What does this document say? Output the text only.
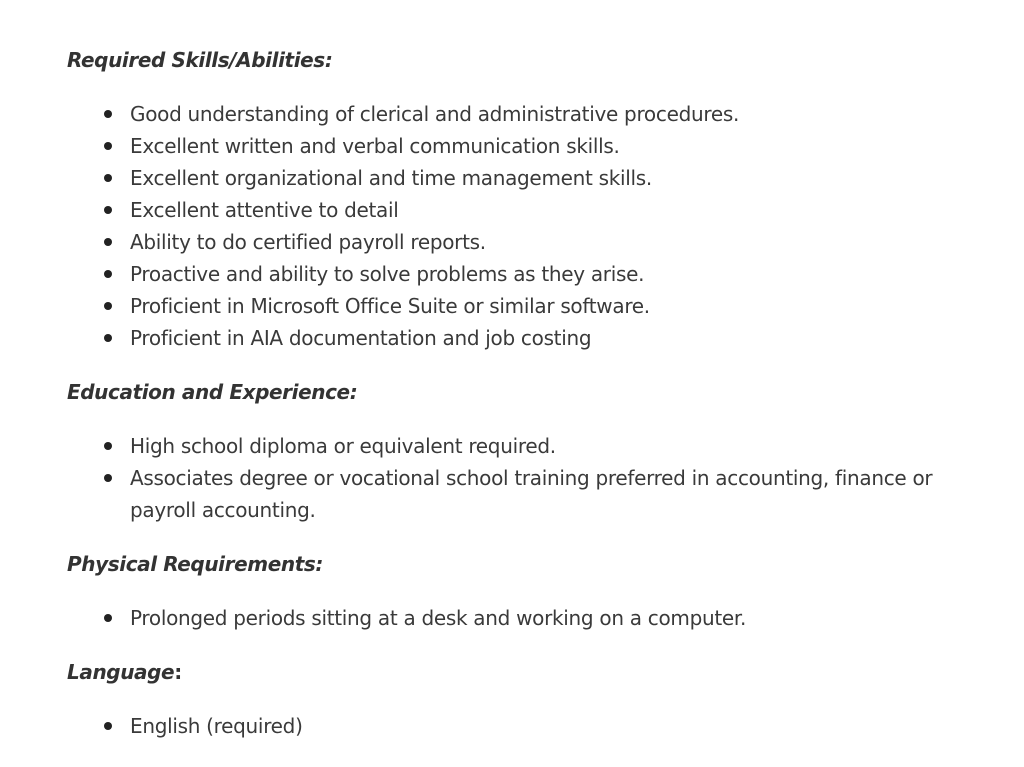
Required Skills/Abilities:
Good understanding of clerical and administrative procedures.
Excellent written and verbal communication skills.
Excellent organizational and time management skills.
Excellent attentive to detail
Ability to do certified payroll reports.
Proactive and ability to solve problems as they arise.
Proficient in Microsoft Office Suite or similar software.
Proficient in AIA documentation and job costing
Education and Experience:
High school diploma or equivalent required.
Associates degree or vocational school training preferred in accounting, finance or payroll accounting.
Physical Requirements:
Prolonged periods sitting at a desk and working on a computer.
Language:
English (required)
